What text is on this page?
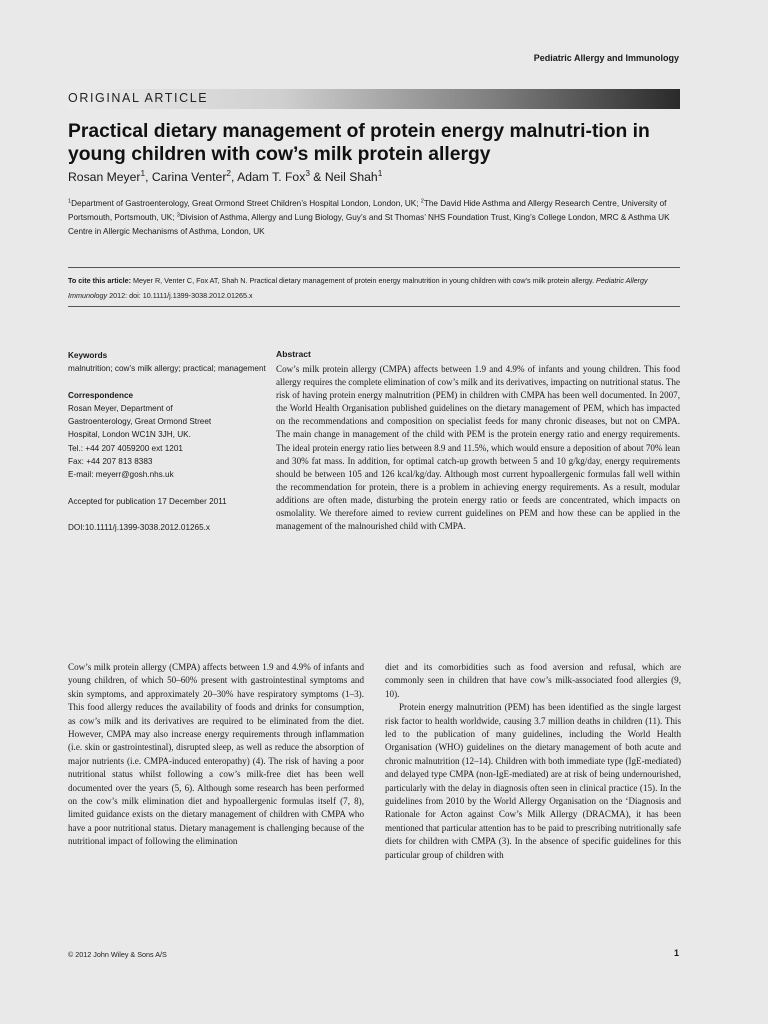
Pediatric Allergy and Immunology
ORIGINAL ARTICLE
Practical dietary management of protein energy malnutri-tion in young children with cow’s milk protein allergy
Rosan Meyer$^1$, Carina Venter$^2$, Adam T. Fox$^3$ & Neil Shah$^1$
$^1$Department of Gastroenterology, Great Ormond Street Children’s Hospital London, London, UK; $^2$The David Hide Asthma and Allergy Research Centre, University of Portsmouth, Portsmouth, UK; $^3$Division of Asthma, Allergy and Lung Biology, Guy’s and St Thomas’ NHS Foundation Trust, King’s College London, MRC & Asthma UK Centre in Allergic Mechanisms of Asthma, London, UK
To cite this article: Meyer R, Venter C, Fox AT, Shah N. Practical dietary management of protein energy malnutrition in young children with cow’s milk protein allergy. Pediatric Allergy Immunology 2012: doi: 10.1111/j.1399-3038.2012.01265.x

Keywords

malnutrition; cow’s milk allergy; practical; management

Correspondence

Rosan Meyer, Department of

Gastroenterology, Great Ormond Street

Hospital, London WC1N 3JH, UK.

Tel.: +44 207 4059200 ext 1201

Fax: +44 207 813 8383

E-mail: meyerr@gosh.nhs.uk

Accepted for publication 17 December 2011

DOI:10.1111/j.1399-3038.2012.01265.x

Abstract

Cow’s milk protein allergy (CMPA) affects between 1.9 and 4.9% of infants and young children. This food allergy requires the complete elimination of cow’s milk and its derivatives, impacting on nutritional status. The risk of having protein energy malnutrition (PEM) in children with CMPA has been well documented. In 2007, the World Health Organisation published guidelines on the dietary management of PEM, which has impacted on the recommendations and composition on specialist feeds for many chronic diseases, but not on CMPA. The main change in management of the child with PEM is the protein energy ratio and energy requirements. The ideal protein energy ratio lies between 8.9 and 11.5%, which would ensure a deposition of about 70% lean and 30% fat mass. In addition, for optimal catch-up growth between 5 and 10 g/kg/day, energy requirements should be between 105 and 126 kcal/kg/day. Although most current hypoallergenic formulas fall well within the recommendation for protein, there is a problem in achieving energy requirements. As a result, modular additions are often made, disturbing the protein energy ratio or feeds are concentrated, which impacts on osmolality. We therefore aimed to review current guidelines on PEM and how these can be applied in the management of the malnourished child with CMPA.

Cow’s milk protein allergy (CMPA) affects between 1.9 and 4.9% of infants and young children, of which 50–60% present with gastrointestinal symptoms and skin symptoms, and approximately 20–30% have respiratory symptoms (1–3). This food allergy reduces the availability of foods and drinks for consumption, as cow’s milk and its derivatives are required to be eliminated from the diet. However, CMPA may also increase energy requirements through inflammation (i.e. skin or gastrointestinal), disrupted sleep, as well as reduce the absorption of major nutrients (i.e. CMPA-induced enteropathy) (4). The risk of having a poor nutritional status whilst following a cow’s milk-free diet has been well documented over the years (5, 6). Although some research has been performed on the cow’s milk elimination diet and hypoallergenic formulas itself (7, 8), limited guidance exists on the dietary management of children with CMPA who have a poor nutritional status. Dietary management is challenging because of the nutritional impact of following the elimination

diet and its comorbidities such as food aversion and refusal, which are commonly seen in children that have cow’s milk-associated food allergies (9, 10).

Protein energy malnutrition (PEM) has been identified as the single largest risk factor to health worldwide, causing 3.7 million deaths in children (11). This led to the publication of many guidelines, including the World Health Organisation (WHO) guidelines on the dietary management of both acute and chronic malnutrition (12–14). Children with both immediate type (IgE-mediated) and delayed type CMPA (non-IgE-mediated) are at risk of being undernourished, particularly with the delay in diagnosis often seen in clinical practice (15). In the guidelines from 2010 by the World Allergy Organisation on the ‘Diagnosis and Rationale for Acton against Cow’s Milk Allergy (DRACMA), it has been mentioned that particular attention has to be paid to prescribing nutritionally safe diets for children with CMPA (3). In the absence of specific guidelines for this particular group of children with

© 2012 John Wiley & Sons A/S	1
